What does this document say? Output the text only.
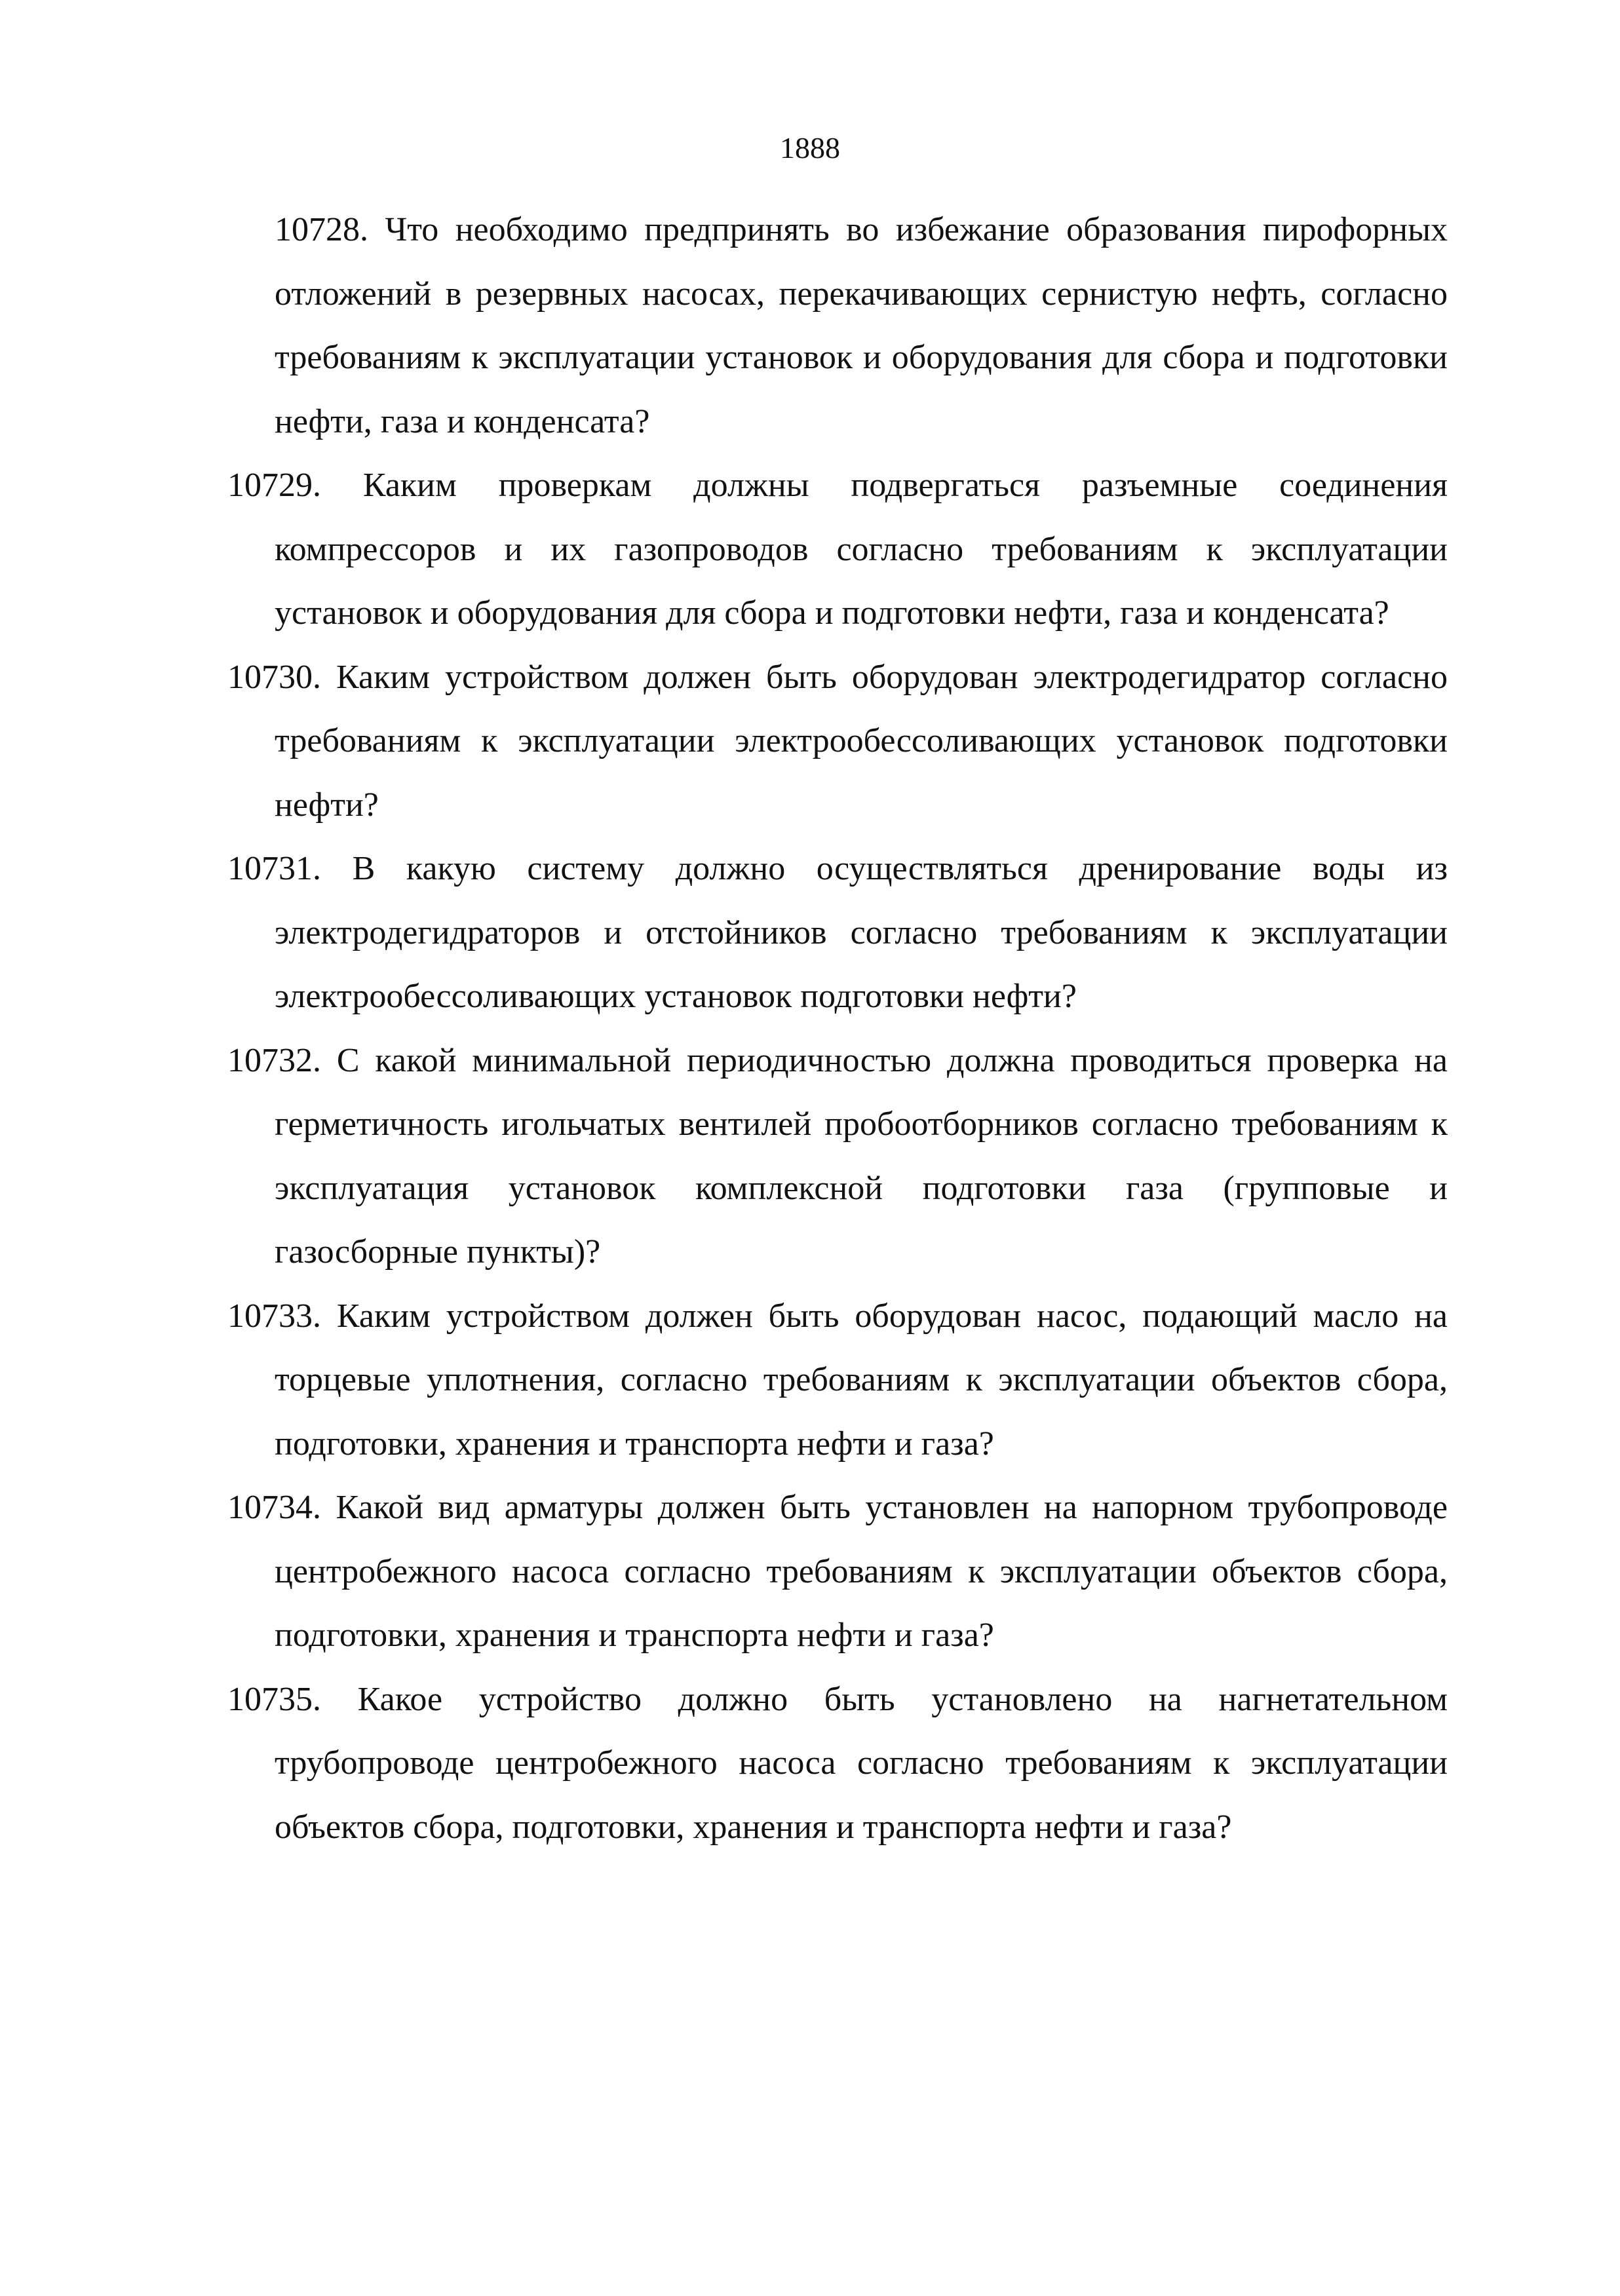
1888
10728. Что необходимо предпринять во избежание образования пирофорных отложений в резервных насосах, перекачивающих сернистую нефть, согласно требованиям к эксплуатации установок и оборудования для сбора и подготовки нефти, газа и конденсата?
10729. Каким проверкам должны подвергаться разъемные соединения компрессоров и их газопроводов согласно требованиям к эксплуатации установок и оборудования для сбора и подготовки нефти, газа и конденсата?
10730. Каким устройством должен быть оборудован электродегидратор согласно требованиям к эксплуатации электрообессоливающих установок подготовки нефти?
10731. В какую систему должно осуществляться дренирование воды из электродегидраторов и отстойников согласно требованиям к эксплуатации электрообессоливающих установок подготовки нефти?
10732. С какой минимальной периодичностью должна проводиться проверка на герметичность игольчатых вентилей пробоотборников согласно требованиям к эксплуатация установок комплексной подготовки газа (групповые и газосборные пункты)?
10733. Каким устройством должен быть оборудован насос, подающий масло на торцевые уплотнения, согласно требованиям к эксплуатации объектов сбора, подготовки, хранения и транспорта нефти и газа?
10734. Какой вид арматуры должен быть установлен на напорном трубопроводе центробежного насоса согласно требованиям к эксплуатации объектов сбора, подготовки, хранения и транспорта нефти и газа?
10735. Какое устройство должно быть установлено на нагнетательном трубопроводе центробежного насоса согласно требованиям к эксплуатации объектов сбора, подготовки, хранения и транспорта нефти и газа?
